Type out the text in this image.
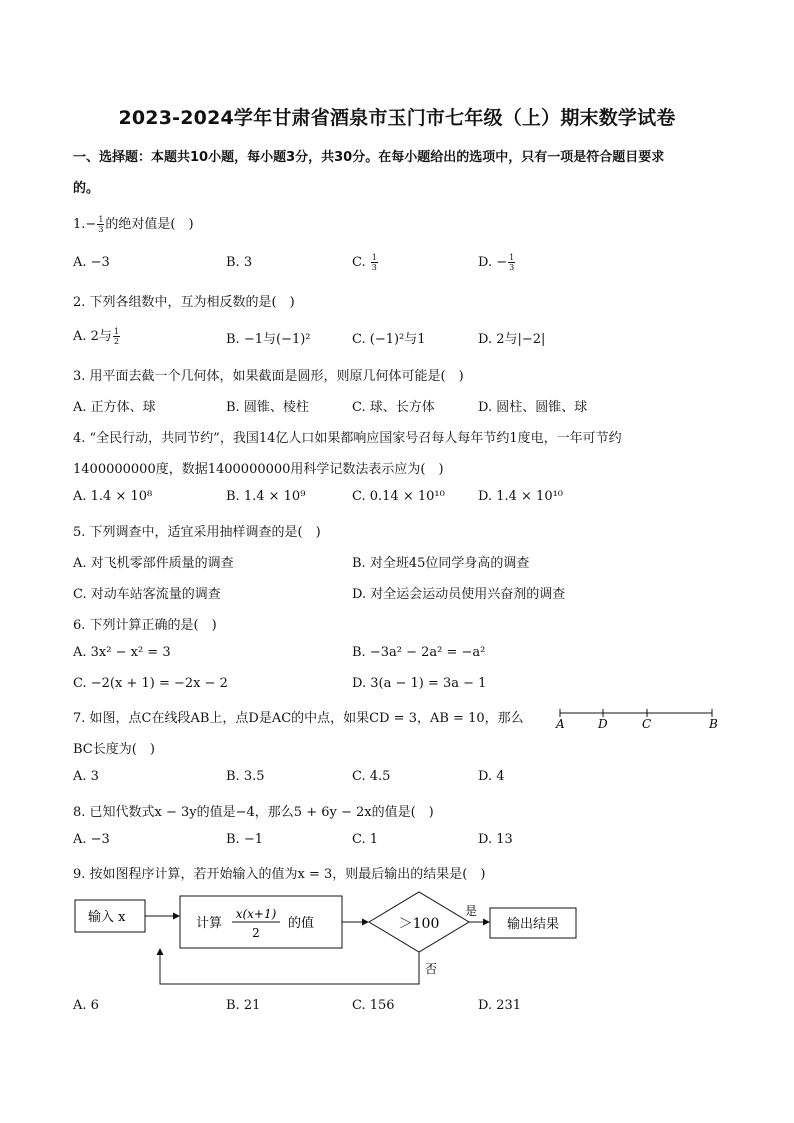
2023-2024学年甘肃省酒泉市玉门市七年级（上）期末数学试卷
一、选择题：本题共10小题，每小题3分，共30分。在每小题给出的选项中，只有一项是符合题目要求
的。
$1.- \frac{1}{3}$ 的绝对值是(　)
A. −3	B. 3	C. $\frac{1}{3}$	D. − $\frac{1}{3}$
2. 下列各组数中，互为相反数的是(　)
A. 2与 $\frac{1}{2}$	B. −1与(−1)²	C. (−1)²与1	D. 2与|−2|
3. 用平面去截一个几何体，如果截面是圆形，则原几何体可能是(　)
A. 正方体、球	B. 圆锥、棱柱	C. 球、长方体	D. 圆柱、圆锥、球
4. “全民行动，共同节约”，我国14亿人口如果都响应国家号召每人每年节约1度电，一年可节约
1400000000度，数据1400000000用科学记数法表示应为(　)
A. 1.4 × 10⁸	B. 1.4 × 10⁹	C. 0.14 × 10¹⁰	D. 1.4 × 10¹⁰
5. 下列调查中，适宜采用抽样调查的是(　)
A. 对飞机零部件质量的调查	B. 对全班45位同学身高的调查
C. 对动车站客流量的调查	D. 对全运会运动员使用兴奋剂的调查
6. 下列计算正确的是(　)
A. 3x² − x² = 3	B. −3a² − 2a² = −a²
C. −2(x + 1) = −2x − 2	D. 3(a − 1) = 3a − 1
7. 如图，点C在线段AB上，点D是AC的中点，如果CD = 3，AB = 10，那么
BC长度为(　)
A	D	C	B
A. 3	B. 3.5	C. 4.5	D. 4
8. 已知代数式x − 3y的值是−4，那么5 + 6y − 2x的值是(　)
A. −3	B. −1	C. 1	D. 13
9. 按如图程序计算，若开始输入的值为x = 3，则最后输出的结果是(　)
输入 x	计算
x(x+1)
2
的值	＞100
是
输出结果
否
A. 6	B. 21	C. 156	D. 231
